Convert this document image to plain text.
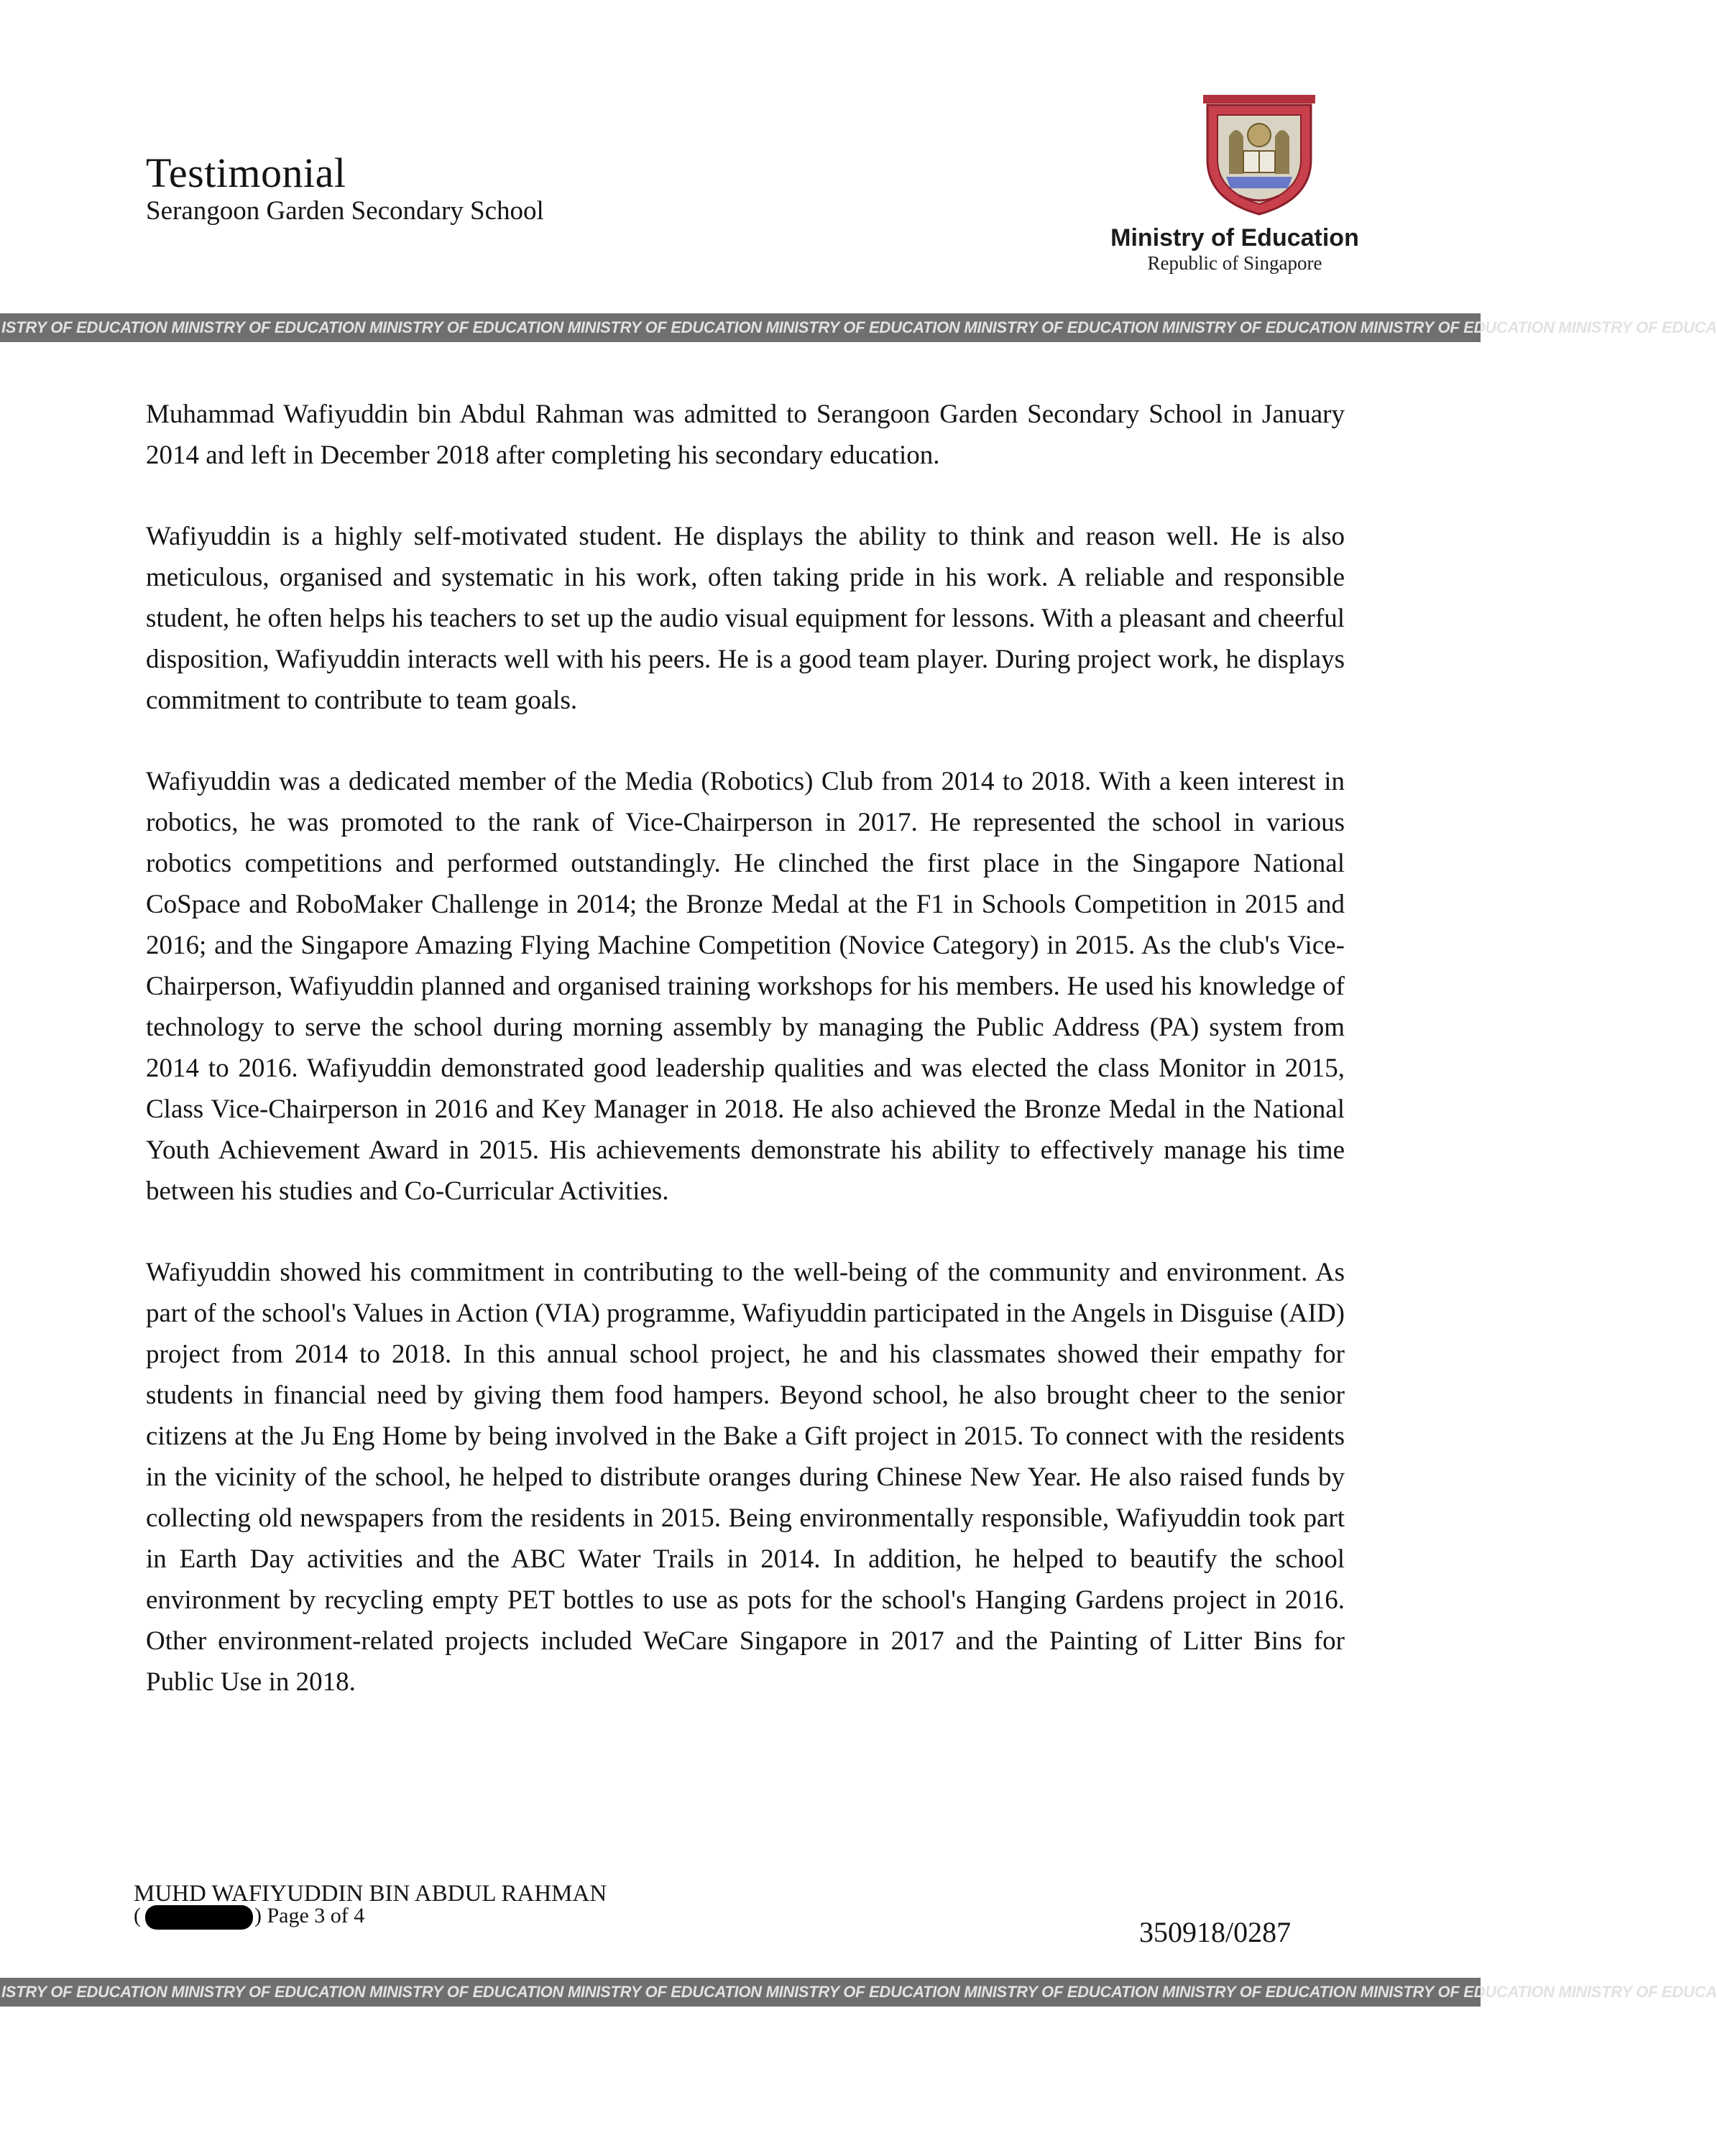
Testimonial
Serangoon Garden Secondary School
Ministry of Education
Republic of Singapore
ISTRY OF EDUCATION MINISTRY OF EDUCATION MINISTRY OF EDUCATION MINISTRY OF EDUCATION MINISTRY OF EDUCATION MINISTRY OF EDUCATION MINISTRY OF EDUCATION MINISTRY OF EDUCATION MINISTRY OF EDUCA

Muhammad Wafiyuddin bin Abdul Rahman was admitted to Serangoon Garden Secondary School in January 2014 and left in December 2018 after completing his secondary education.

Wafiyuddin is a highly self-motivated student. He displays the ability to think and reason well. He is also meticulous, organised and systematic in his work, often taking pride in his work. A reliable and responsible student, he often helps his teachers to set up the audio visual equipment for lessons. With a pleasant and cheerful disposition, Wafiyuddin interacts well with his peers. He is a good team player. During project work, he displays commitment to contribute to team goals.

Wafiyuddin was a dedicated member of the Media (Robotics) Club from 2014 to 2018. With a keen interest in robotics, he was promoted to the rank of Vice-Chairperson in 2017. He represented the school in various robotics competitions and performed outstandingly. He clinched the first place in the Singapore National CoSpace and RoboMaker Challenge in 2014; the Bronze Medal at the F1 in Schools Competition in 2015 and 2016; and the Singapore Amazing Flying Machine Competition (Novice Category) in 2015. As the club's Vice-Chairperson, Wafiyuddin planned and organised training workshops for his members. He used his knowledge of technology to serve the school during morning assembly by managing the Public Address (PA) system from 2014 to 2016. Wafiyuddin demonstrated good leadership qualities and was elected the class Monitor in 2015, Class Vice-Chairperson in 2016 and Key Manager in 2018. He also achieved the Bronze Medal in the National Youth Achievement Award in 2015. His achievements demonstrate his ability to effectively manage his time between his studies and Co-Curricular Activities.

Wafiyuddin showed his commitment in contributing to the well-being of the community and environment. As part of the school's Values in Action (VIA) programme, Wafiyuddin participated in the Angels in Disguise (AID) project from 2014 to 2018. In this annual school project, he and his classmates showed their empathy for students in financial need by giving them food hampers. Beyond school, he also brought cheer to the senior citizens at the Ju Eng Home by being involved in the Bake a Gift project in 2015. To connect with the residents in the vicinity of the school, he helped to distribute oranges during Chinese New Year. He also raised funds by collecting old newspapers from the residents in 2015. Being environmentally responsible, Wafiyuddin took part in Earth Day activities and the ABC Water Trails in 2014. In addition, he helped to beautify the school environment by recycling empty PET bottles to use as pots for the school's Hanging Gardens project in 2016. Other environment-related projects included WeCare Singapore in 2017 and the Painting of Litter Bins for Public Use in 2018.

MUHD WAFIYUDDIN BIN ABDUL RAHMAN
(	) Page 3 of 4
350918/0287
ISTRY OF EDUCATION MINISTRY OF EDUCATION MINISTRY OF EDUCATION MINISTRY OF EDUCATION MINISTRY OF EDUCATION MINISTRY OF EDUCATION MINISTRY OF EDUCATION MINISTRY OF EDUCATION MINISTRY OF EDUCA
